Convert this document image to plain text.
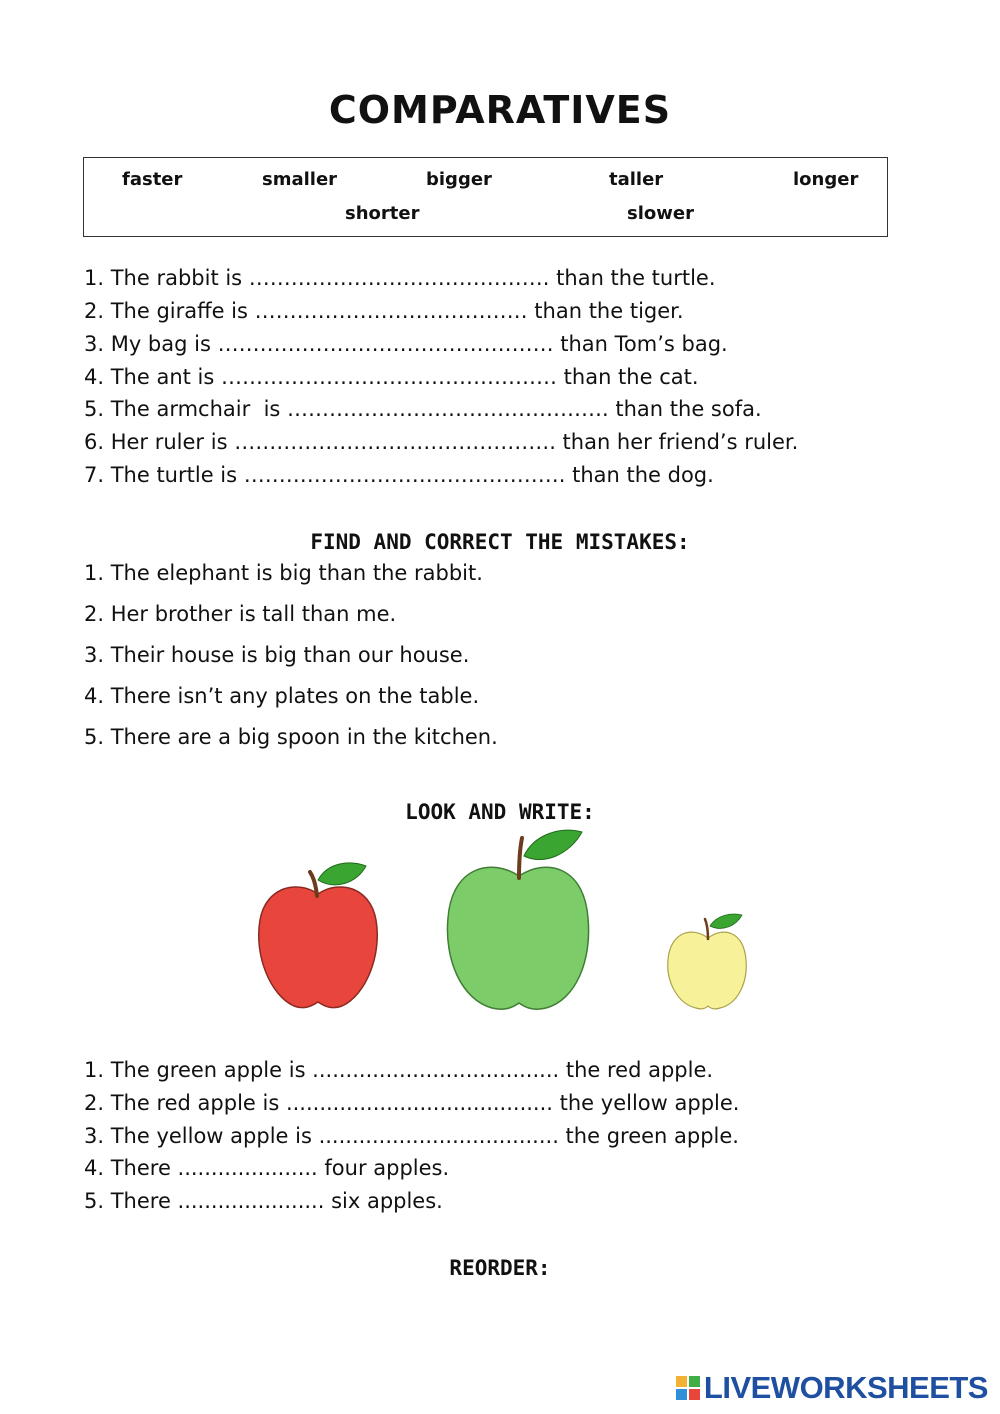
COMPARATIVES
faster	smaller	bigger	taller	longer
shorter	slower
1. The rabbit is ……………………………………. than the turtle.
2. The giraffe is ………………………………… than the tiger.
3. My bag is ………………………………………… than Tom’s bag.
4. The ant is ………………………………………… than the cat.
5. The armchair  is ………………………………………. than the sofa.
6. Her ruler is ………………………………………. than her friend’s ruler.
7. The turtle is ………………………………………. than the dog.
FIND AND CORRECT THE MISTAKES:
1. The elephant is big than the rabbit.
2. Her brother is tall than me.
3. Their house is big than our house.
4. There isn’t any plates on the table.
5. There are a big spoon in the kitchen.
LOOK AND WRITE:
1. The green apple is ..................................... the red apple.
2. The red apple is ........................................ the yellow apple.
3. The yellow apple is .................................... the green apple.
4. There ..................... four apples.
5. There ...................... six apples.
REORDER:
LIVEWORKSHEETS
